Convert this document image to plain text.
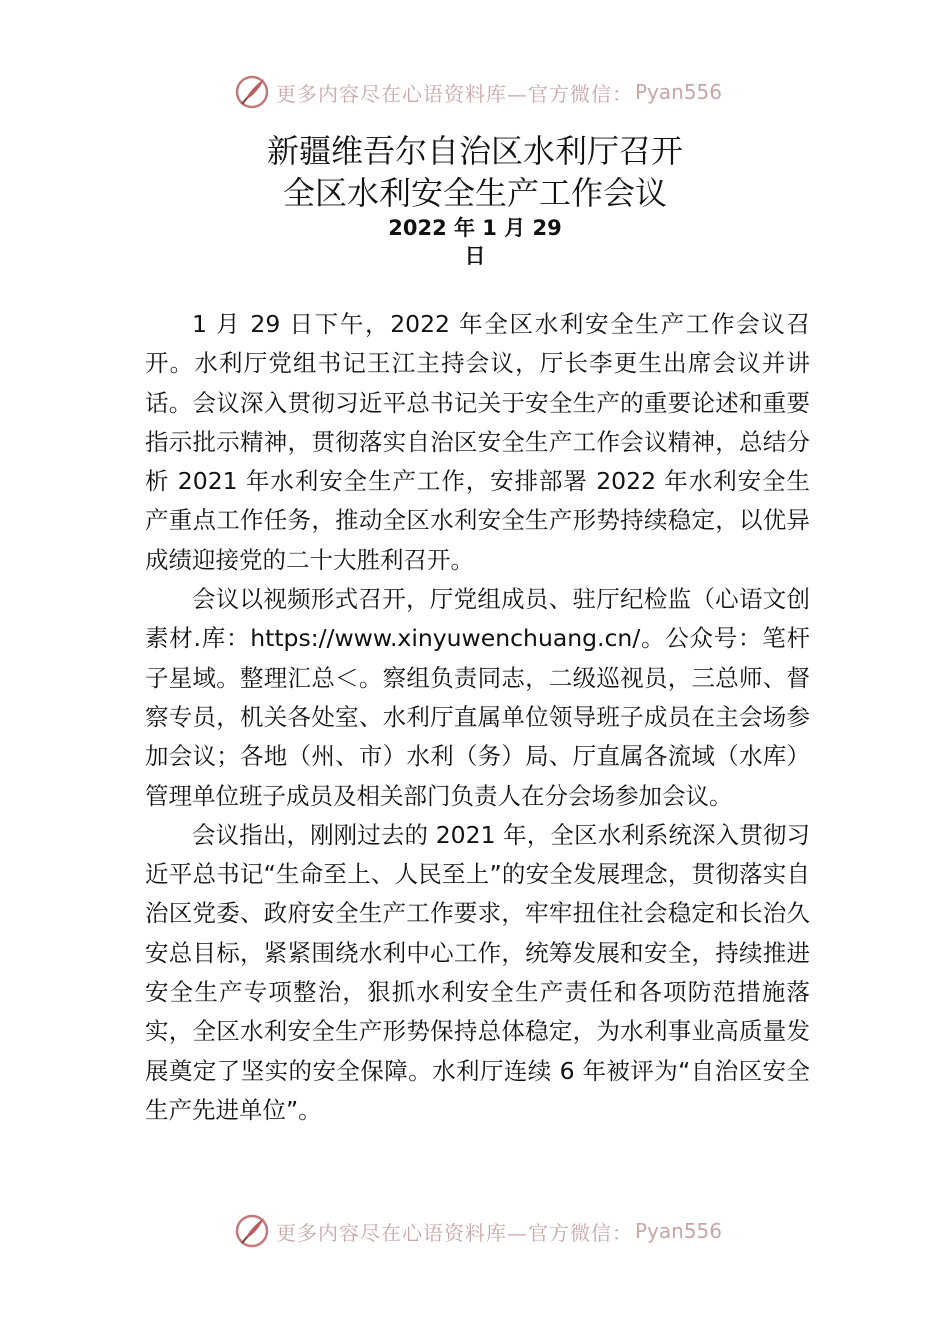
更多内容尽在心语资料库—官方微信： Pyan556
新疆维吾尔自治区水利厅召开
全区水利安全生产工作会议
2022 年 1 月 29 日

1 月 29 日下午，2022 年全区水利安全生产工作会议召开。水利厅党组书记王江主持会议，厅长李更生出席会议并讲话。会议深入贯彻习近平总书记关于安全生产的重要论述和重要指示批示精神，贯彻落实自治区安全生产工作会议精神，总结分析 2021 年水利安全生产工作，安排部署 2022 年水利安全生产重点工作任务，推动全区水利安全生产形势持续稳定，以优异成绩迎接党的二十大胜利召开。

会议以视频形式召开，厅党组成员、驻厅纪检监（心语文创素材.库：https://www.xinyuwenchuang.cn/。公众号：笔杆子星域。整理汇总＜。察组负责同志，二级巡视员，三总师、督察专员，机关各处室、水利厅直属单位领导班子成员在主会场参加会议；各地（州、市）水利（务）局、厅直属各流域（水库）管理单位班子成员及相关部门负责人在分会场参加会议。

会议指出，刚刚过去的 2021 年，全区水利系统深入贯彻习近平总书记“生命至上、人民至上”的安全发展理念，贯彻落实自治区党委、政府安全生产工作要求，牢牢扭住社会稳定和长治久安总目标，紧紧围绕水利中心工作，统筹发展和安全，持续推进安全生产专项整治，狠抓水利安全生产责任和各项防范措施落实，全区水利安全生产形势保持总体稳定，为水利事业高质量发展奠定了坚实的安全保障。水利厅连续 6 年被评为“自治区安全生产先进单位”。

更多内容尽在心语资料库—官方微信： Pyan556
